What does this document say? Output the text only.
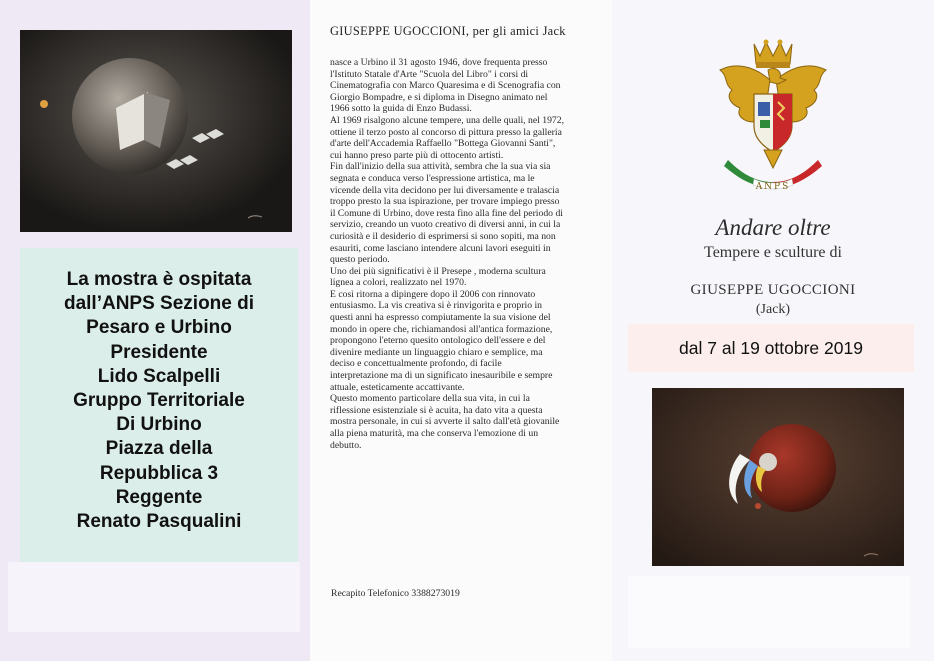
La mostra è ospitata
dall’ANPS Sezione di
Pesaro e Urbino
Presidente
Lido Scalpelli
Gruppo Territoriale
Di Urbino
Piazza della
Repubblica 3
Reggente
Renato Pasqualini
GIUSEPPE UGOCCIONI, per gli amici Jack

nasce a Urbino il 31 agosto 1946, dove frequenta presso
l'Istituto Statale d'Arte "Scuola del Libro" i corsi di
Cinematografia con Marco Quaresima e di Scenografia con
Giorgio Bompadre, e si diploma in Disegno animato nel
1966 sotto la guida di Enzo Budassi.
Al 1969 risalgono alcune tempere, una delle quali, nel 1972,
ottiene il terzo posto al concorso di pittura presso la galleria
d'arte dell'Accademia Raffaello "Bottega Giovanni Santi",
cui hanno preso parte più di ottocento artisti.
Fin dall'inizio della sua attività, sembra che la sua via sia
segnata e conduca verso l'espressione artistica, ma le
vicende della vita decidono per lui diversamente e tralascia
troppo presto la sua ispirazione, per trovare impiego presso
il Comune di Urbino, dove resta fino alla fine del periodo di
servizio, creando un vuoto creativo di diversi anni, in cui la
curiosità e il desiderio di esprimersi si sono sopiti, ma non
esauriti, come lasciano intendere alcuni lavori eseguiti in
questo periodo.
Uno dei più significativi è il Presepe , moderna scultura
lignea a colori, realizzato nel 1970.
E così ritorna a dipingere dopo il 2006 con rinnovato
entusiasmo. La vis creativa si è rinvigorita e proprio in
questi anni ha espresso compiutamente la sua visione del
mondo in opere che, richiamandosi all'antica formazione,
propongono l'eterno quesito ontologico dell'essere e del
divenire mediante un linguaggio chiaro e semplice, ma
deciso e concettualmente profondo, di facile
interpretazione ma di un significato inesauribile e sempre
attuale, esteticamente accattivante.
Questo momento particolare della sua vita, in cui la
riflessione esistenziale si è acuita, ha dato vita a questa
mostra personale, in cui si avverte il salto dall'età giovanile
alla piena maturità, ma che conserva l'emozione di un
debutto.

Recapito Telefonico 3388273019
ANPS
Andare oltre
Tempere e sculture di
GIUSEPPE UGOCCIONI
(Jack)
dal 7 al 19 ottobre 2019
